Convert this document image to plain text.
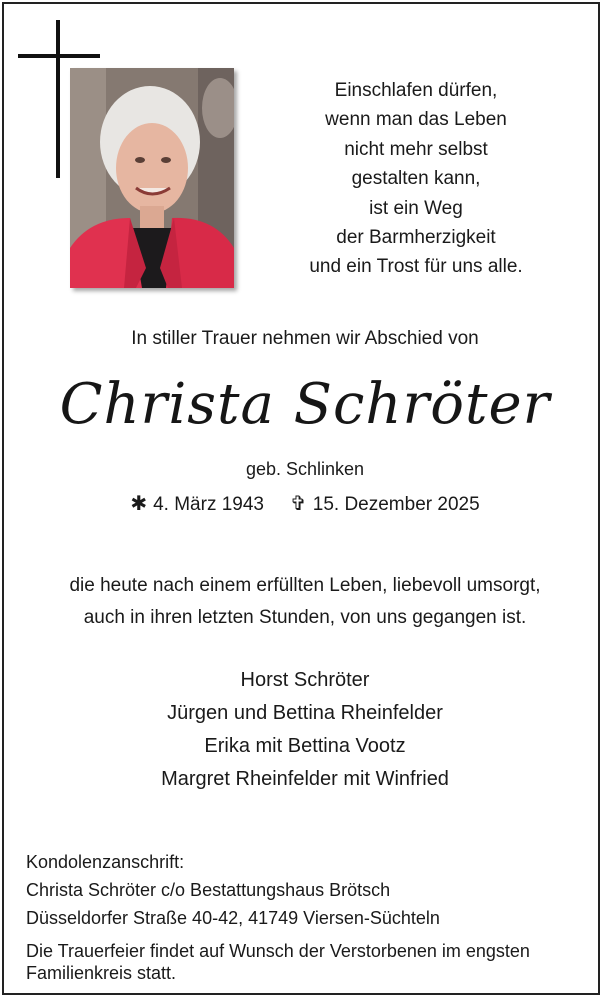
Einschlafen dürfen,
wenn man das Leben
nicht mehr selbst
gestalten kann,
ist ein Weg
der Barmherzigkeit
und ein Trost für uns alle.
In stiller Trauer nehmen wir Abschied von
Christa Schröter
geb. Schlinken
✱ 4. März 1943 ✞ 15. Dezember 2025
die heute nach einem erfüllten Leben, liebevoll umsorgt,
auch in ihren letzten Stunden, von uns gegangen ist.
Horst Schröter
Jürgen und Bettina Rheinfelder
Erika mit Bettina Vootz
Margret Rheinfelder mit Winfried
Kondolenzanschrift:
Christa Schröter c/o Bestattungshaus Brötsch
Düsseldorfer Straße 40-42, 41749 Viersen-Süchteln
Die Trauerfeier findet auf Wunsch der Verstorbenen im engsten Familienkreis statt.
